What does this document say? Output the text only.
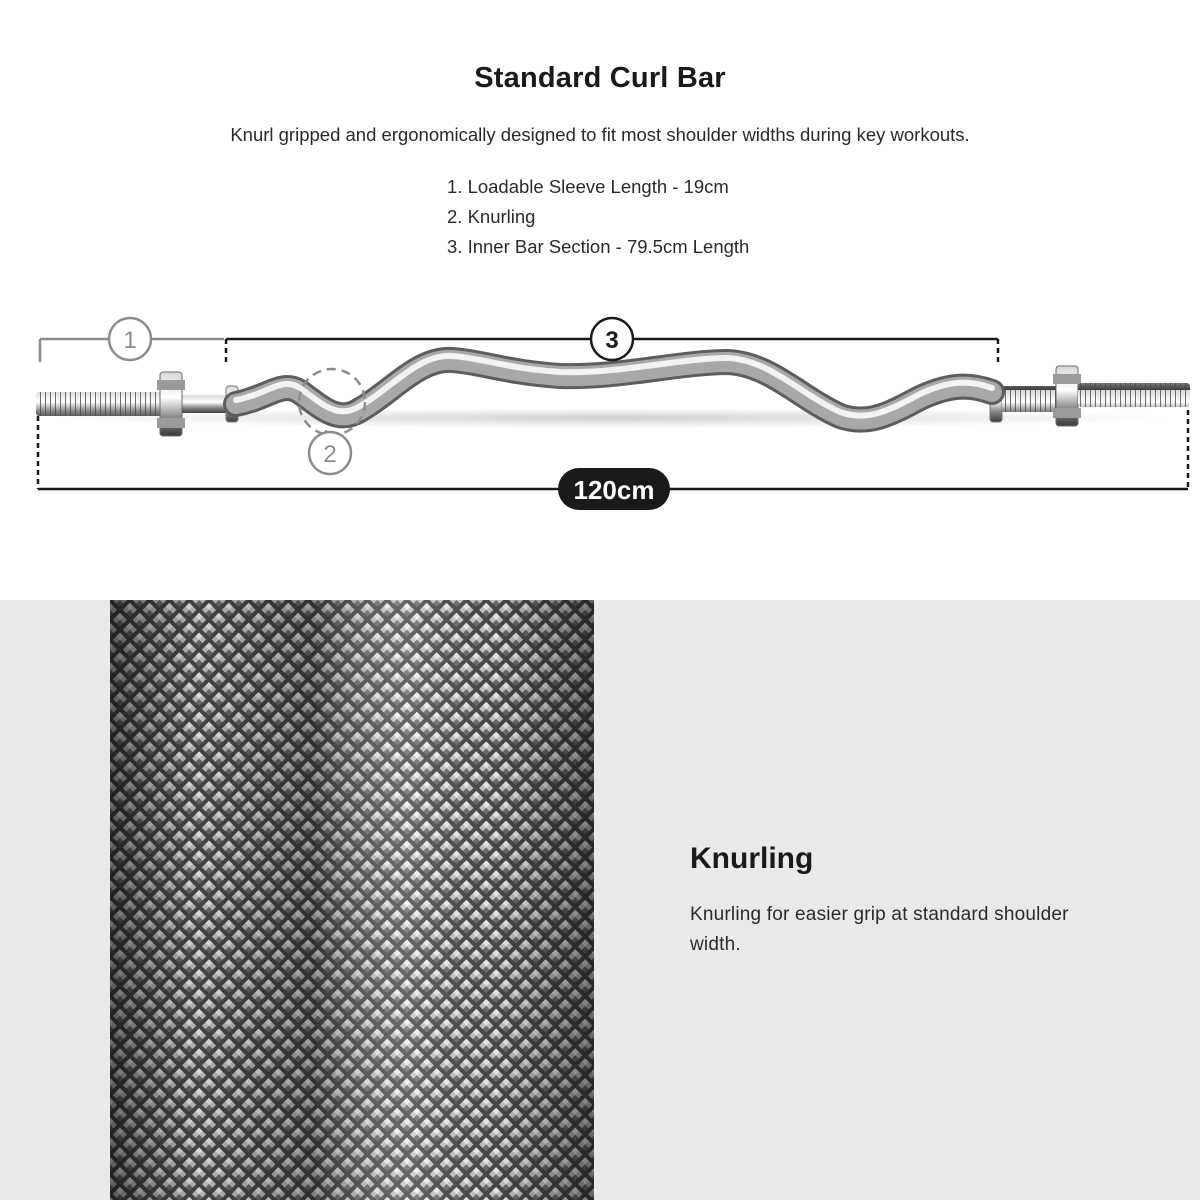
Standard Curl Bar

Knurl gripped and ergonomically designed to fit most shoulder widths during key workouts.

1. Loadable Sleeve Length - 19cm
2. Knurling
3. Inner Bar Section - 79.5cm Length
1	3
2
120cm
Knurling

Knurling for easier grip at standard shoulder width.
